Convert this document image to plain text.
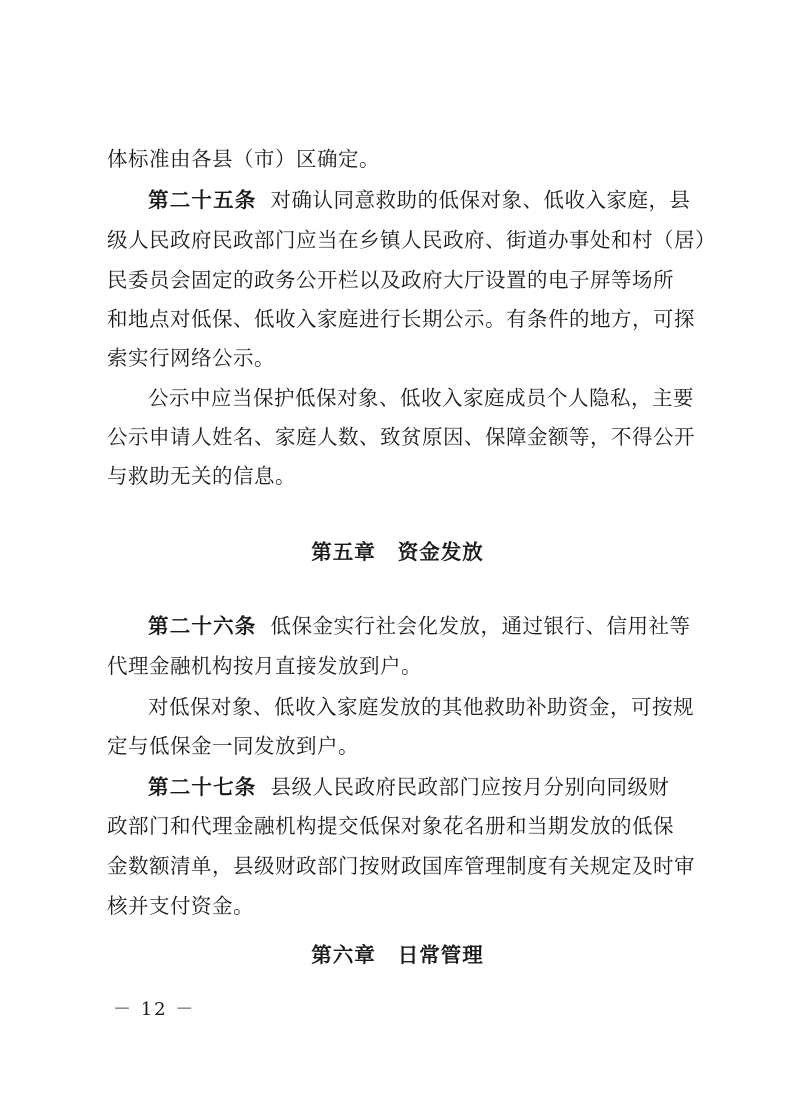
体标准由各县（市）区确定。
第二十五条 对确认同意救助的低保对象、低收入家庭，县
级人民政府民政部门应当在乡镇人民政府、街道办事处和村（居）
民委员会固定的政务公开栏以及政府大厅设置的电子屏等场所
和地点对低保、低收入家庭进行长期公示。有条件的地方，可探
索实行网络公示。
公示中应当保护低保对象、低收入家庭成员个人隐私，主要
公示申请人姓名、家庭人数、致贫原因、保障金额等，不得公开
与救助无关的信息。
第五章 资金发放
第二十六条 低保金实行社会化发放，通过银行、信用社等
代理金融机构按月直接发放到户。
对低保对象、低收入家庭发放的其他救助补助资金，可按规
定与低保金一同发放到户。
第二十七条 县级人民政府民政部门应按月分别向同级财
政部门和代理金融机构提交低保对象花名册和当期发放的低保
金数额清单，县级财政部门按财政国库管理制度有关规定及时审
核并支付资金。
第六章 日常管理
－ 12 －
